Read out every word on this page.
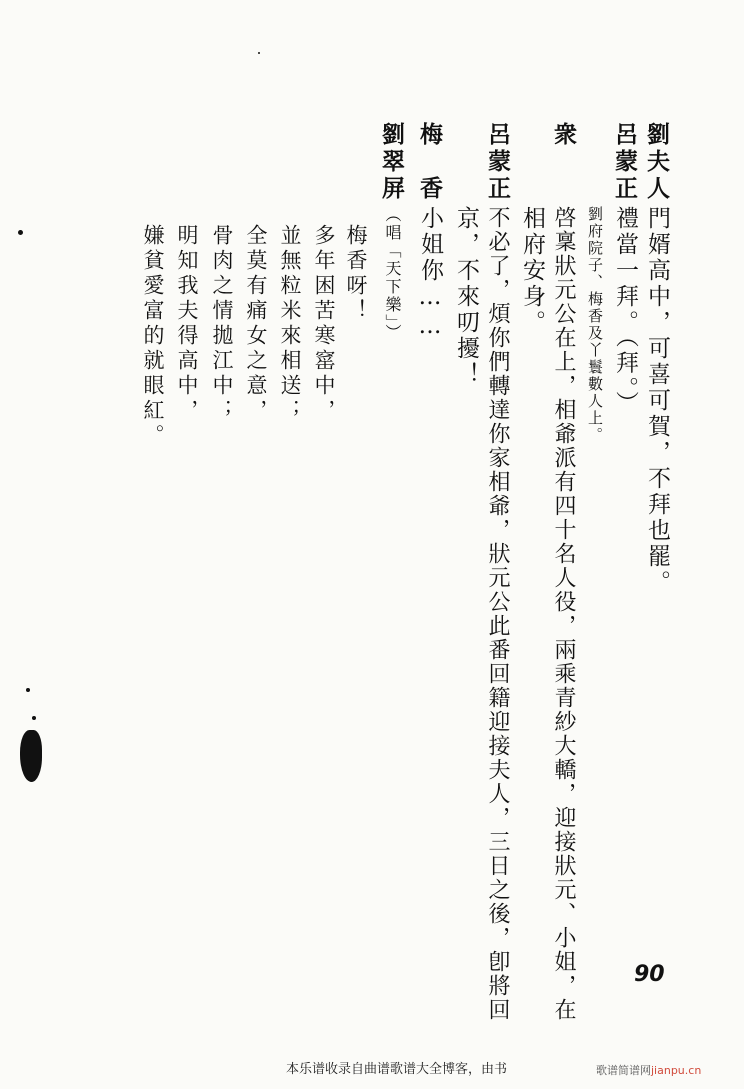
劉夫人
門婿高中，可喜可賀，不拜也罷。
呂蒙正
禮當一拜。（拜。）
劉府院子、梅香及丫鬟數人上。
衆
啓稟狀元公在上，相爺派有四十名人役，兩乘青紗大轎，迎接狀元、小姐，在
相府安身。
呂蒙正
不必了，煩你們轉達你家相爺，狀元公此番回籍迎接夫人，三日之後，卽將回
京，不來叨擾！
梅　香
小姐你……
劉翠屏
（唱「天下樂」）
梅香呀！
多年困苦寒窰中，
並無粒米來相送；
全莫有痛女之意，
骨肉之情拋江中；
明知我夫得高中，
嫌貧愛富的就眼紅。
90
本乐谱收录自曲谱歌谱大全博客，由书	歌谱简谱网jianpu.cn
